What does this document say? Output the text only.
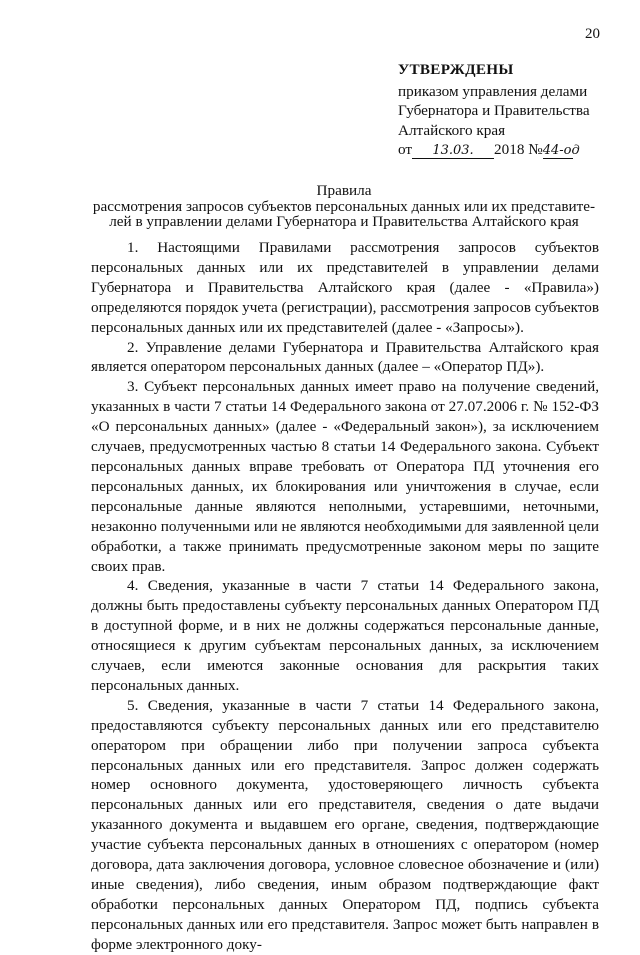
20
УТВЕРЖДЕНЫ
приказом управления делами
Губернатора и Правительства
Алтайского края
от 13.03. 2018 №44-од
Правила
рассмотрения запросов субъектов персональных данных или их представите-
лей в управлении делами Губернатора и Правительства Алтайского края

1. Настоящими Правилами рассмотрения запросов субъектов персональных данных или их представителей в управлении делами Губернатора и Правительства Алтайского края (далее - «Правила») определяются порядок учета (регистрации), рассмотрения запросов субъектов персональных данных или их представителей (далее - «Запросы»).

2. Управление делами Губернатора и Правительства Алтайского края является оператором персональных данных (далее – «Оператор ПД»).

3. Субъект персональных данных имеет право на получение сведений, указанных в части 7 статьи 14 Федерального закона от 27.07.2006 г. № 152-ФЗ «О персональных данных» (далее - «Федеральный закон»), за исключением случаев, предусмотренных частью 8 статьи 14 Федерального закона. Субъект персональных данных вправе требовать от Оператора ПД уточнения его персональных данных, их блокирования или уничтожения в случае, если персональные данные являются неполными, устаревшими, неточными, незаконно полученными или не являются необходимыми для заявленной цели обработки, а также принимать предусмотренные законом меры по защите своих прав.

4. Сведения, указанные в части 7 статьи 14 Федерального закона, должны быть предоставлены субъекту персональных данных Оператором ПД в доступной форме, и в них не должны содержаться персональные данные, относящиеся к другим субъектам персональных данных, за исключением случаев, если имеются законные основания для раскрытия таких персональных данных.

5. Сведения, указанные в части 7 статьи 14 Федерального закона, предоставляются субъекту персональных данных или его представителю оператором при обращении либо при получении запроса субъекта персональных данных или его представителя. Запрос должен содержать номер основного документа, удостоверяющего личность субъекта персональных данных или его представителя, сведения о дате выдачи указанного документа и выдавшем его органе, сведения, подтверждающие участие субъекта персональных данных в отношениях с оператором (номер договора, дата заключения договора, условное словесное обозначение и (или) иные сведения), либо сведения, иным образом подтверждающие факт обработки персональных данных Оператором ПД, подпись субъекта персональных данных или его представителя. Запрос может быть направлен в форме электронного доку-
